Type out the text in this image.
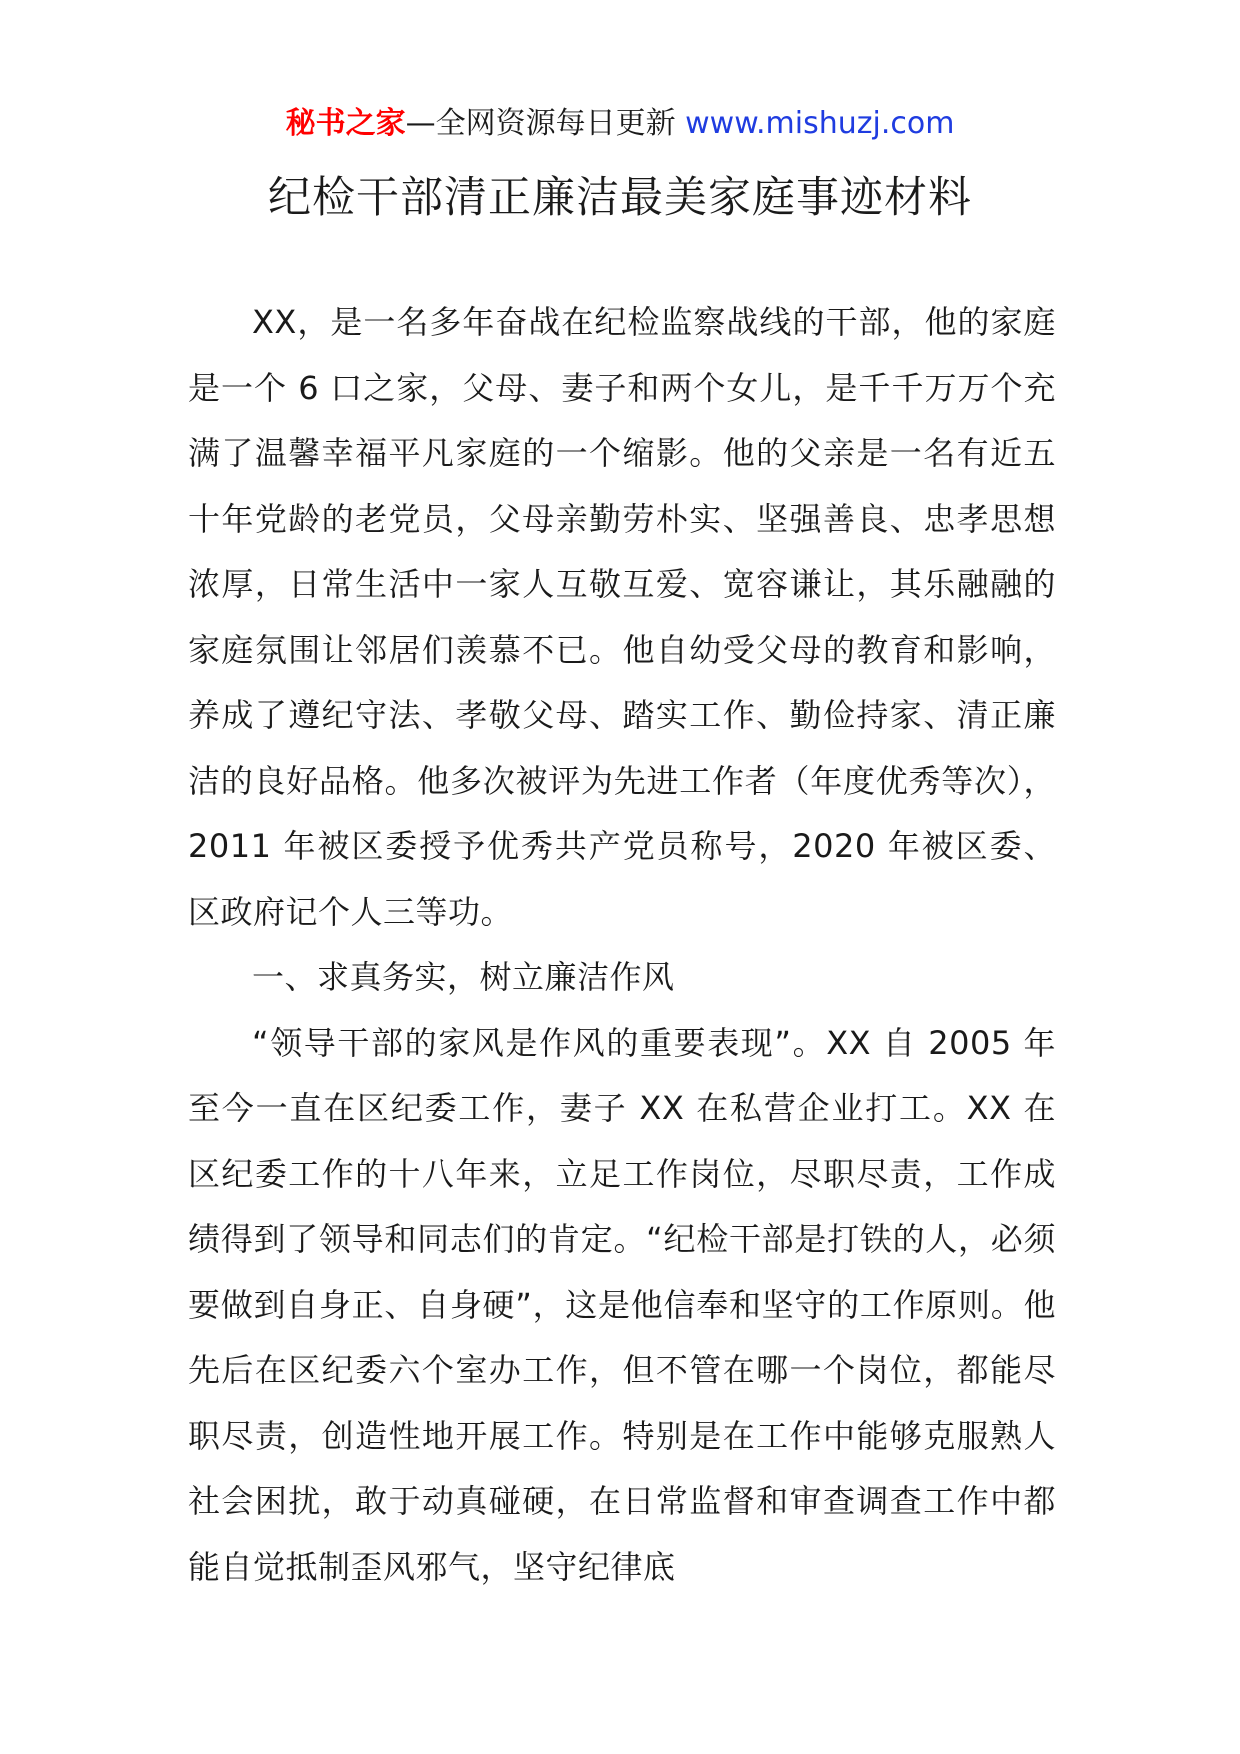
秘书之家—全网资源每日更新 www.mishuzj.com
纪检干部清正廉洁最美家庭事迹材料

XX，是一名多年奋战在纪检监察战线的干部，他的家庭是一个 6 口之家，父母、妻子和两个女儿，是千千万万个充满了温馨幸福平凡家庭的一个缩影。他的父亲是一名有近五十年党龄的老党员，父母亲勤劳朴实、坚强善良、忠孝思想浓厚，日常生活中一家人互敬互爱、宽容谦让，其乐融融的家庭氛围让邻居们羡慕不已。他自幼受父母的教育和影响，养成了遵纪守法、孝敬父母、踏实工作、勤俭持家、清正廉洁的良好品格。他多次被评为先进工作者（年度优秀等次），2011 年被区委授予优秀共产党员称号，2020 年被区委、区政府记个人三等功。

一、求真务实，树立廉洁作风

“领导干部的家风是作风的重要表现”。XX 自 2005 年至今一直在区纪委工作，妻子 XX 在私营企业打工。XX 在区纪委工作的十八年来，立足工作岗位，尽职尽责，工作成绩得到了领导和同志们的肯定。“纪检干部是打铁的人，必须要做到自身正、自身硬”，这是他信奉和坚守的工作原则。他先后在区纪委六个室办工作，但不管在哪一个岗位，都能尽职尽责，创造性地开展工作。特别是在工作中能够克服熟人社会困扰，敢于动真碰硬，在日常监督和审查调查工作中都能自觉抵制歪风邪气，坚守纪律底
